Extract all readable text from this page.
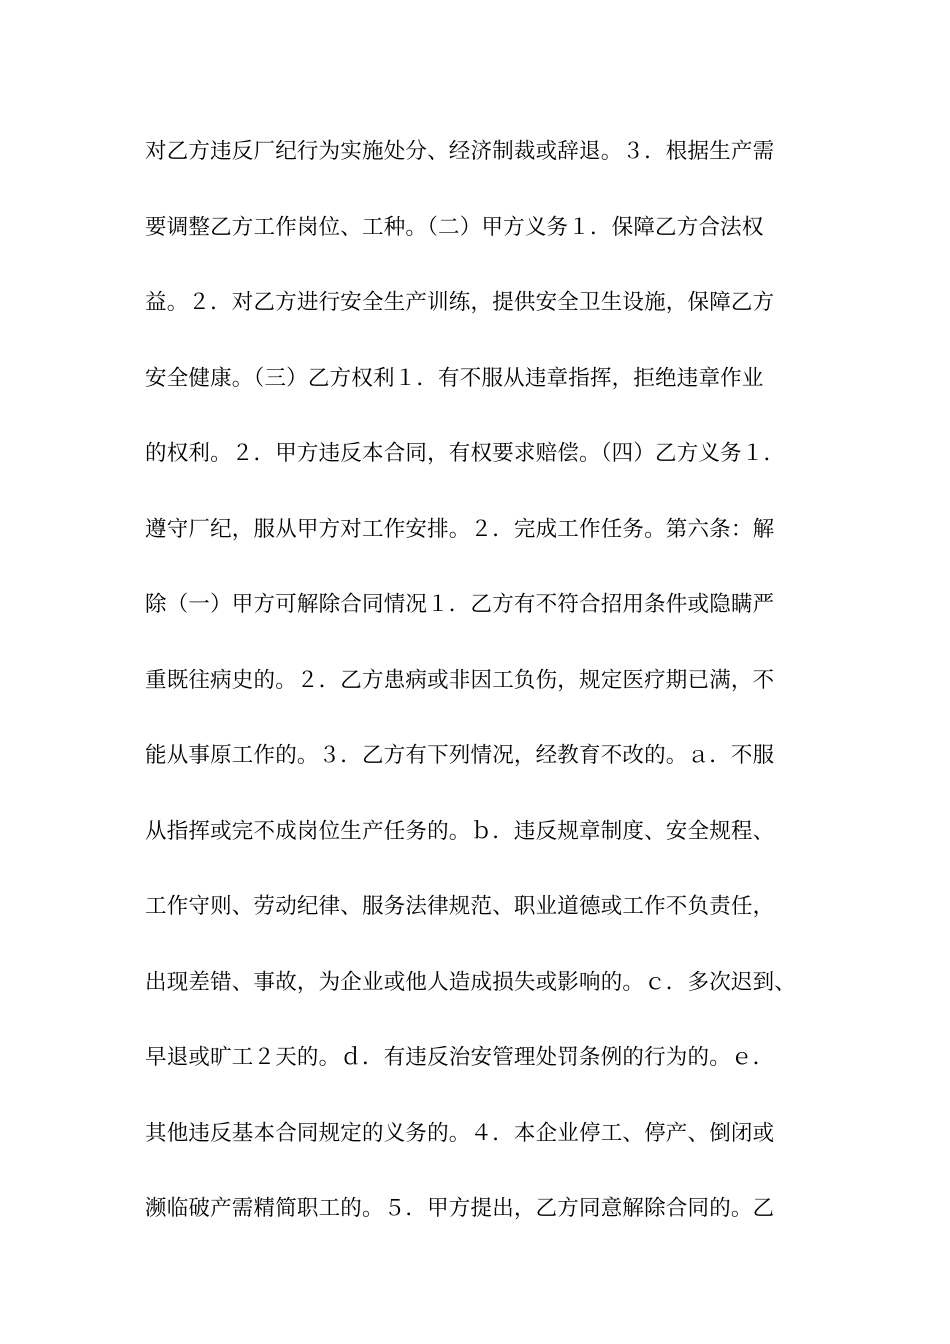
对乙方违反厂纪行为实施处分、经济制裁或辞退。３．根据生产需
要调整乙方工作岗位、工种。（二）甲方义务１．保障乙方合法权
益。２．对乙方进行安全生产训练，提供安全卫生设施，保障乙方
安全健康。（三）乙方权利１．有不服从违章指挥，拒绝违章作业
的权利。２．甲方违反本合同，有权要求赔偿。（四）乙方义务１．
遵守厂纪，服从甲方对工作安排。２．完成工作任务。第六条：解
除（一）甲方可解除合同情况１．乙方有不符合招用条件或隐瞒严
重既往病史的。２．乙方患病或非因工负伤，规定医疗期已满，不
能从事原工作的。３．乙方有下列情况，经教育不改的。ａ．不服
从指挥或完不成岗位生产任务的。ｂ．违反规章制度、安全规程、
工作守则、劳动纪律、服务法律规范、职业道德或工作不负责任，
出现差错、事故，为企业或他人造成损失或影响的。ｃ．多次迟到、
早退或旷工２天的。ｄ．有违反治安管理处罚条例的行为的。ｅ．
其他违反基本合同规定的义务的。４．本企业停工、停产、倒闭或
濒临破产需精简职工的。５．甲方提出，乙方同意解除合同的。乙
